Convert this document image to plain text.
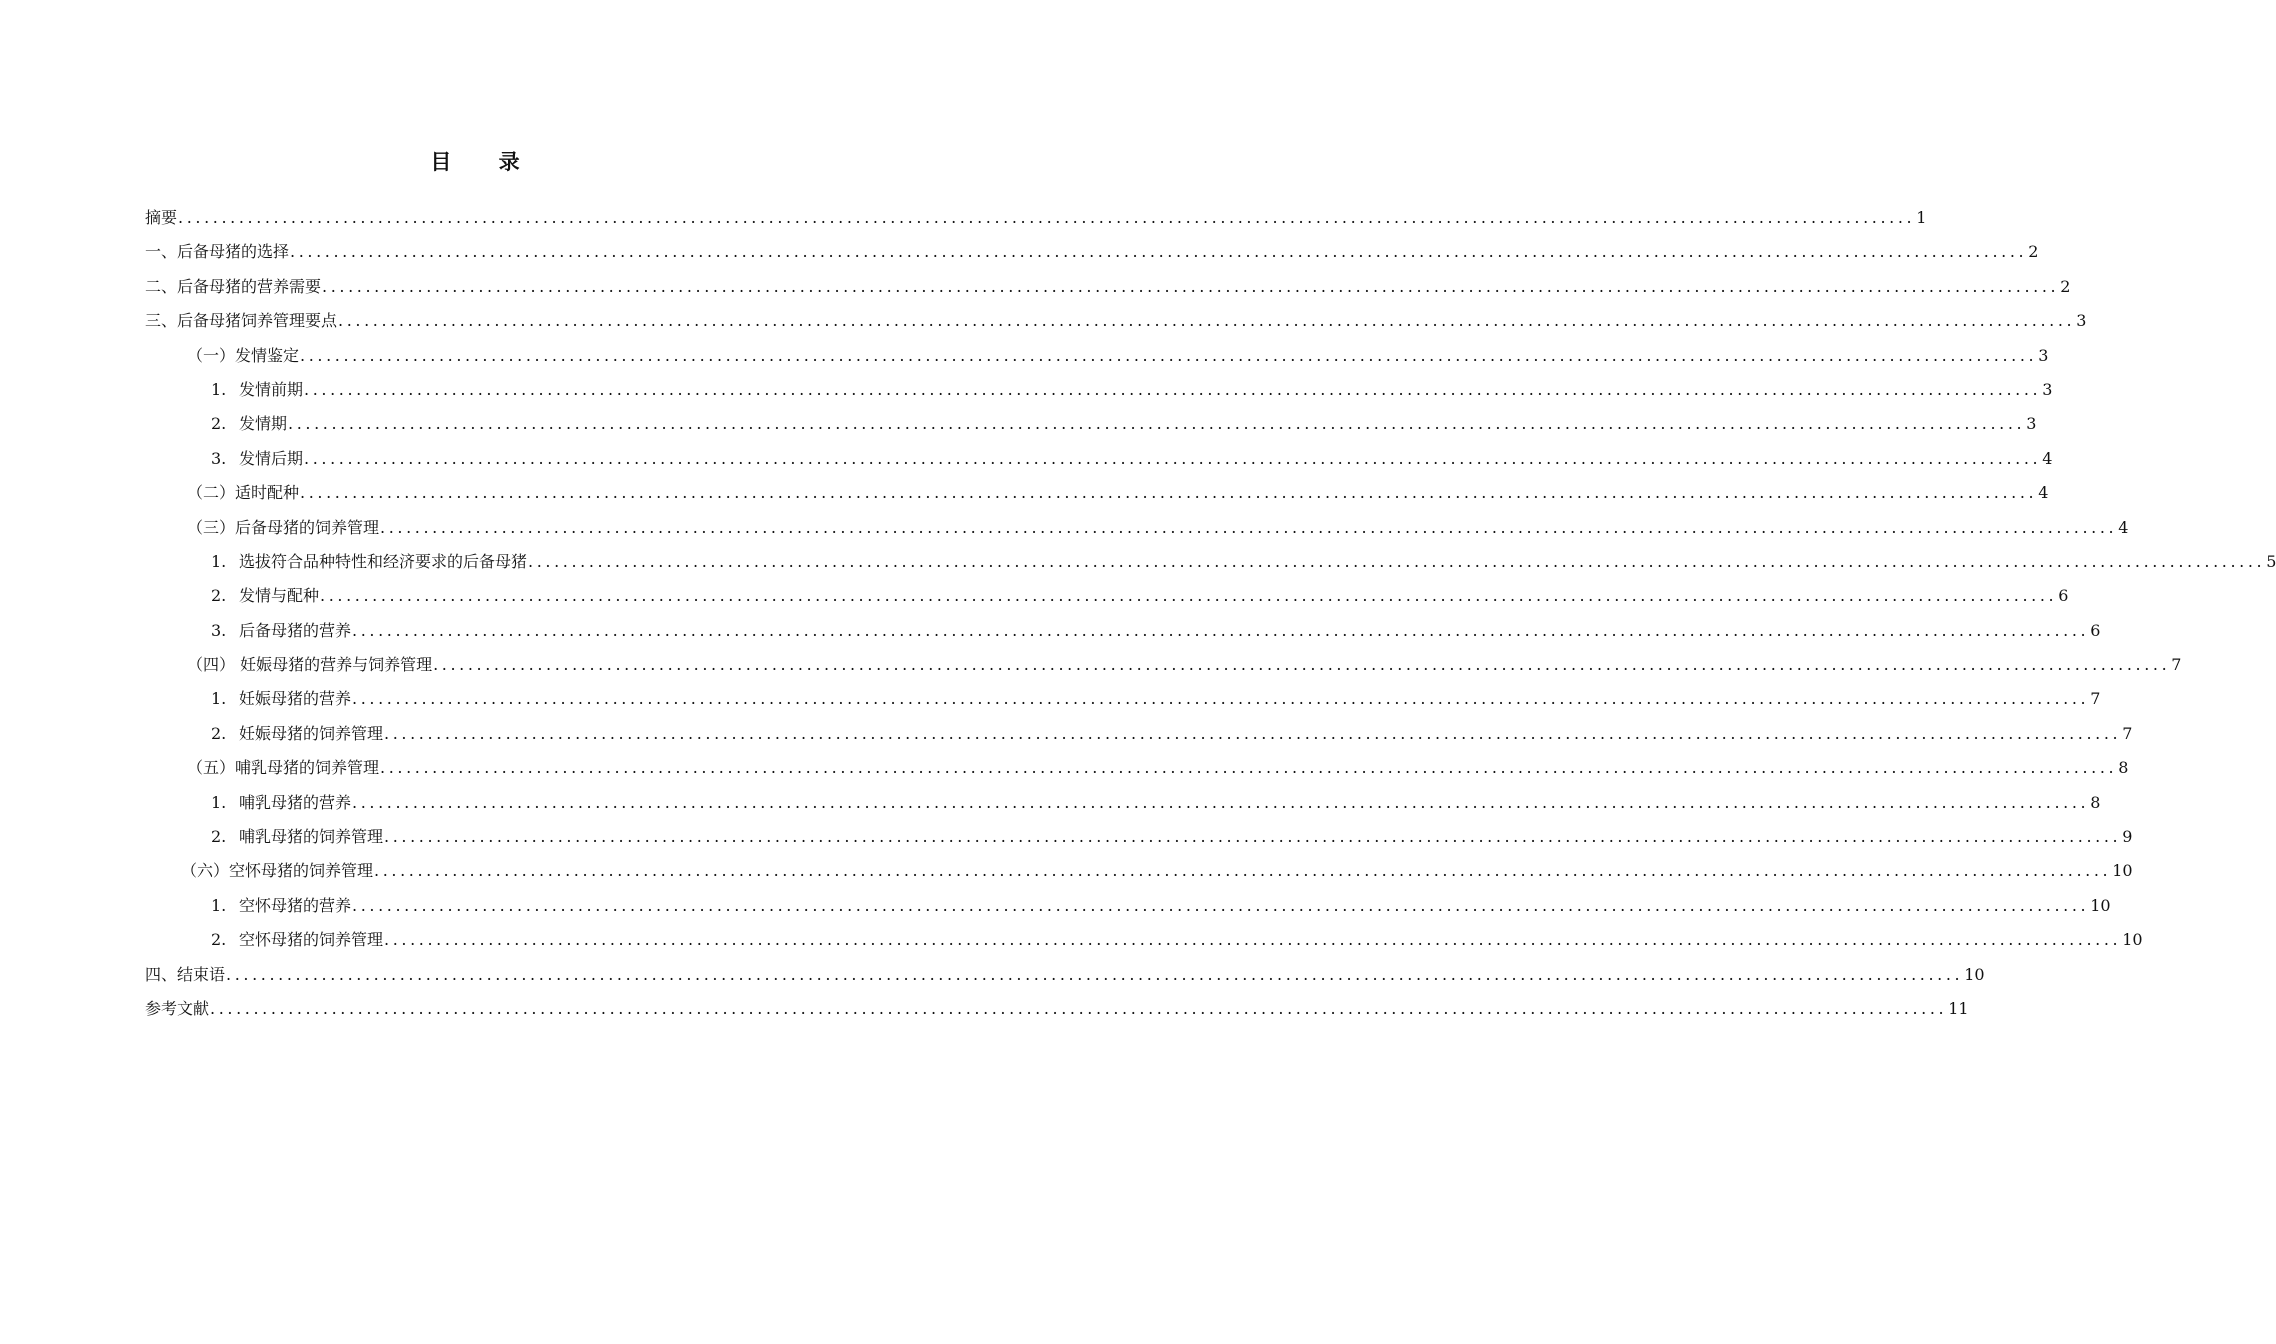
目 录
摘要 ........................................................................................................................................................................................................ 1
一、后备母猪的选择 ........................................................................................................................................................................................................ 2
二、后备母猪的营养需要 ........................................................................................................................................................................................................ 2
三、后备母猪饲养管理要点 ........................................................................................................................................................................................................ 3
（一）发情鉴定 ........................................................................................................................................................................................................ 3
1. 发情前期 ........................................................................................................................................................................................................ 3
2. 发情期 ........................................................................................................................................................................................................ 3
3. 发情后期 ........................................................................................................................................................................................................ 4
（二）适时配种 ........................................................................................................................................................................................................ 4
（三）后备母猪的饲养管理 ........................................................................................................................................................................................................ 4
1. 选拔符合品种特性和经济要求的后备母猪 ........................................................................................................................................................................................................ 5
2. 发情与配种 ........................................................................................................................................................................................................ 6
3. 后备母猪的营养 ........................................................................................................................................................................................................ 6
（四） 妊娠母猪的营养与饲养管理 ........................................................................................................................................................................................................ 7
1. 妊娠母猪的营养 ........................................................................................................................................................................................................ 7
2. 妊娠母猪的饲养管理 ........................................................................................................................................................................................................ 7
（五）哺乳母猪的饲养管理 ........................................................................................................................................................................................................ 8
1. 哺乳母猪的营养 ........................................................................................................................................................................................................ 8
2. 哺乳母猪的饲养管理 ........................................................................................................................................................................................................ 9
（六）空怀母猪的饲养管理 ........................................................................................................................................................................................................ 10
1. 空怀母猪的营养 ........................................................................................................................................................................................................ 10
2. 空怀母猪的饲养管理 ........................................................................................................................................................................................................ 10
四、结束语 ........................................................................................................................................................................................................ 10
参考文献 ........................................................................................................................................................................................................ 11
